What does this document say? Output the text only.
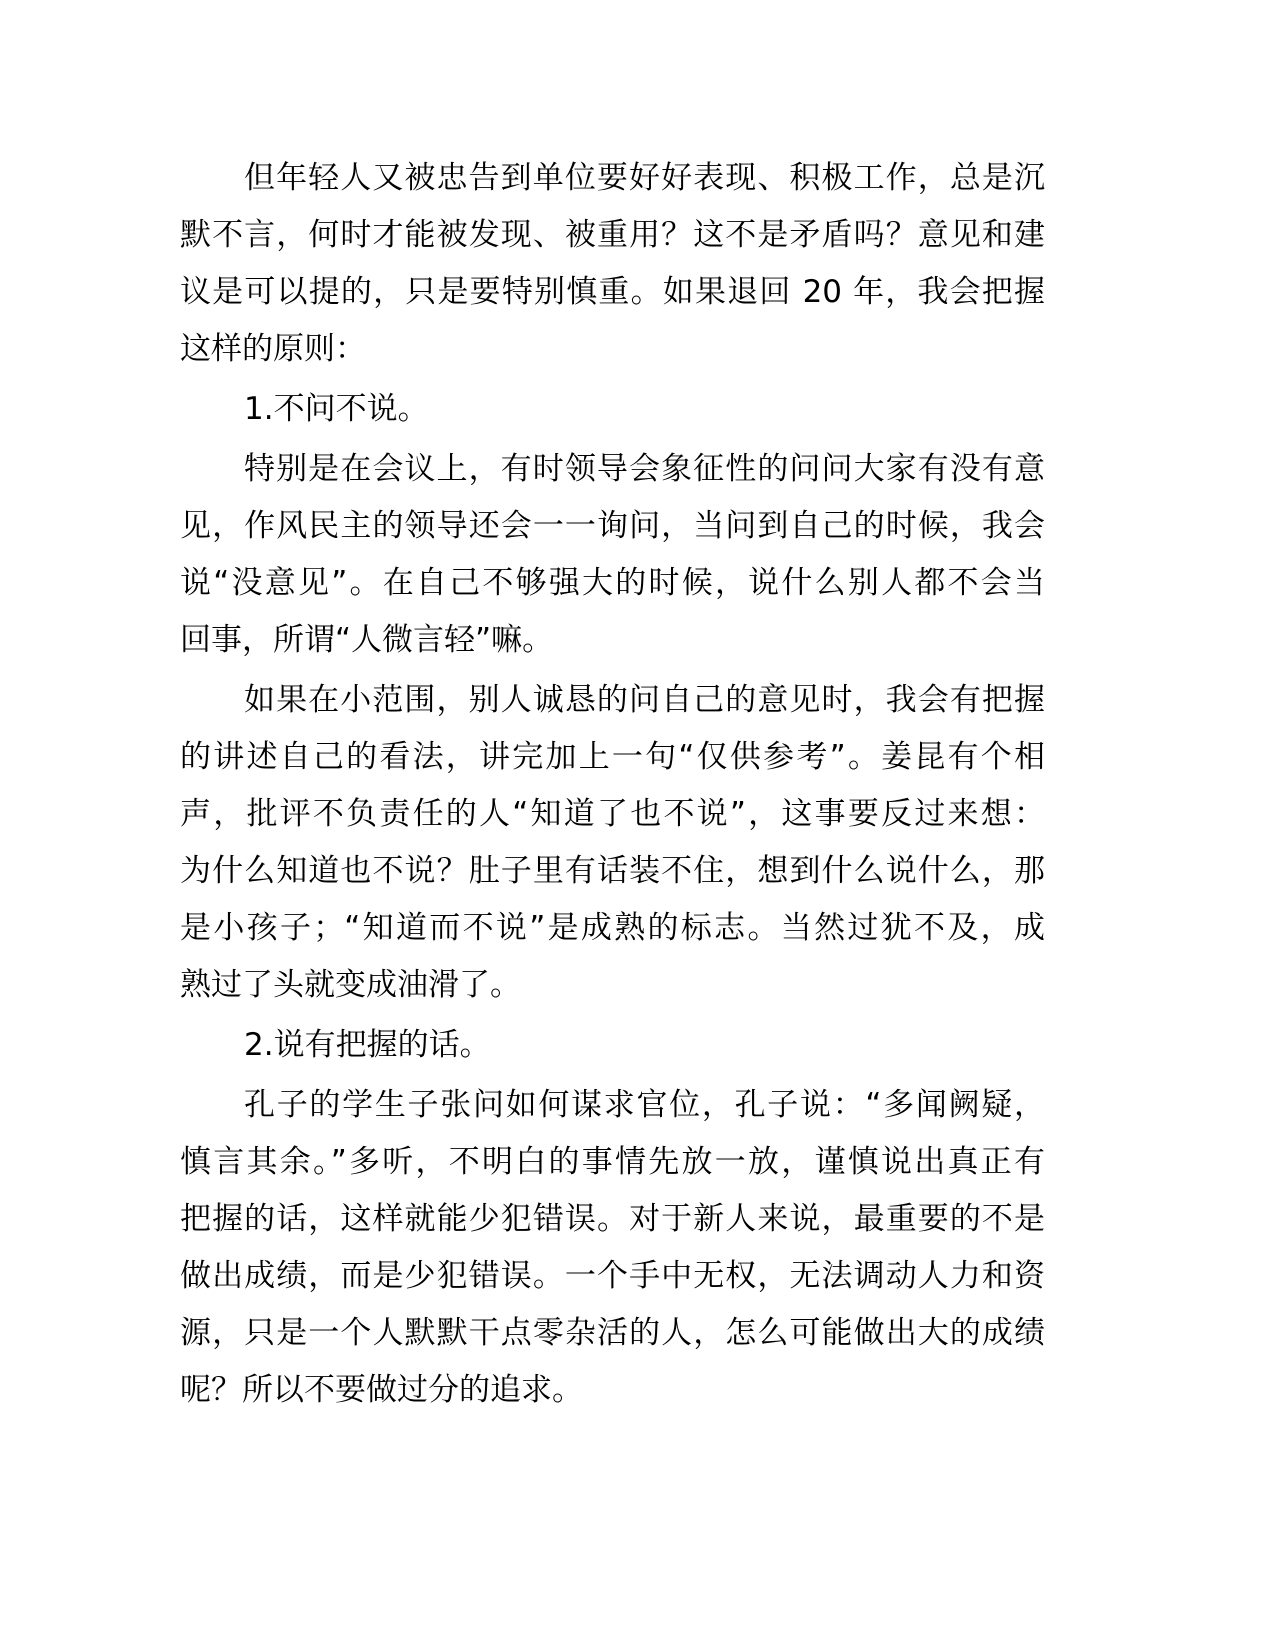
但年轻人又被忠告到单位要好好表现、积极工作，总是沉
默不言，何时才能被发现、被重用？这不是矛盾吗？意见和建
议是可以提的，只是要特别慎重。如果退回 20 年，我会把握
这样的原则：
1.不问不说。
特别是在会议上，有时领导会象征性的问问大家有没有意
见，作风民主的领导还会一一询问，当问到自己的时候，我会
说“没意见”。在自己不够强大的时候，说什么别人都不会当
回事，所谓“人微言轻”嘛。
如果在小范围，别人诚恳的问自己的意见时，我会有把握
的讲述自己的看法，讲完加上一句“仅供参考”。姜昆有个相
声，批评不负责任的人“知道了也不说”，这事要反过来想：
为什么知道也不说？肚子里有话装不住，想到什么说什么，那
是小孩子；“知道而不说”是成熟的标志。当然过犹不及，成
熟过了头就变成油滑了。
2.说有把握的话。
孔子的学生子张问如何谋求官位，孔子说：“多闻阙疑，
慎言其余。”多听，不明白的事情先放一放，谨慎说出真正有
把握的话，这样就能少犯错误。对于新人来说，最重要的不是
做出成绩，而是少犯错误。一个手中无权，无法调动人力和资
源，只是一个人默默干点零杂活的人，怎么可能做出大的成绩
呢？所以不要做过分的追求。
